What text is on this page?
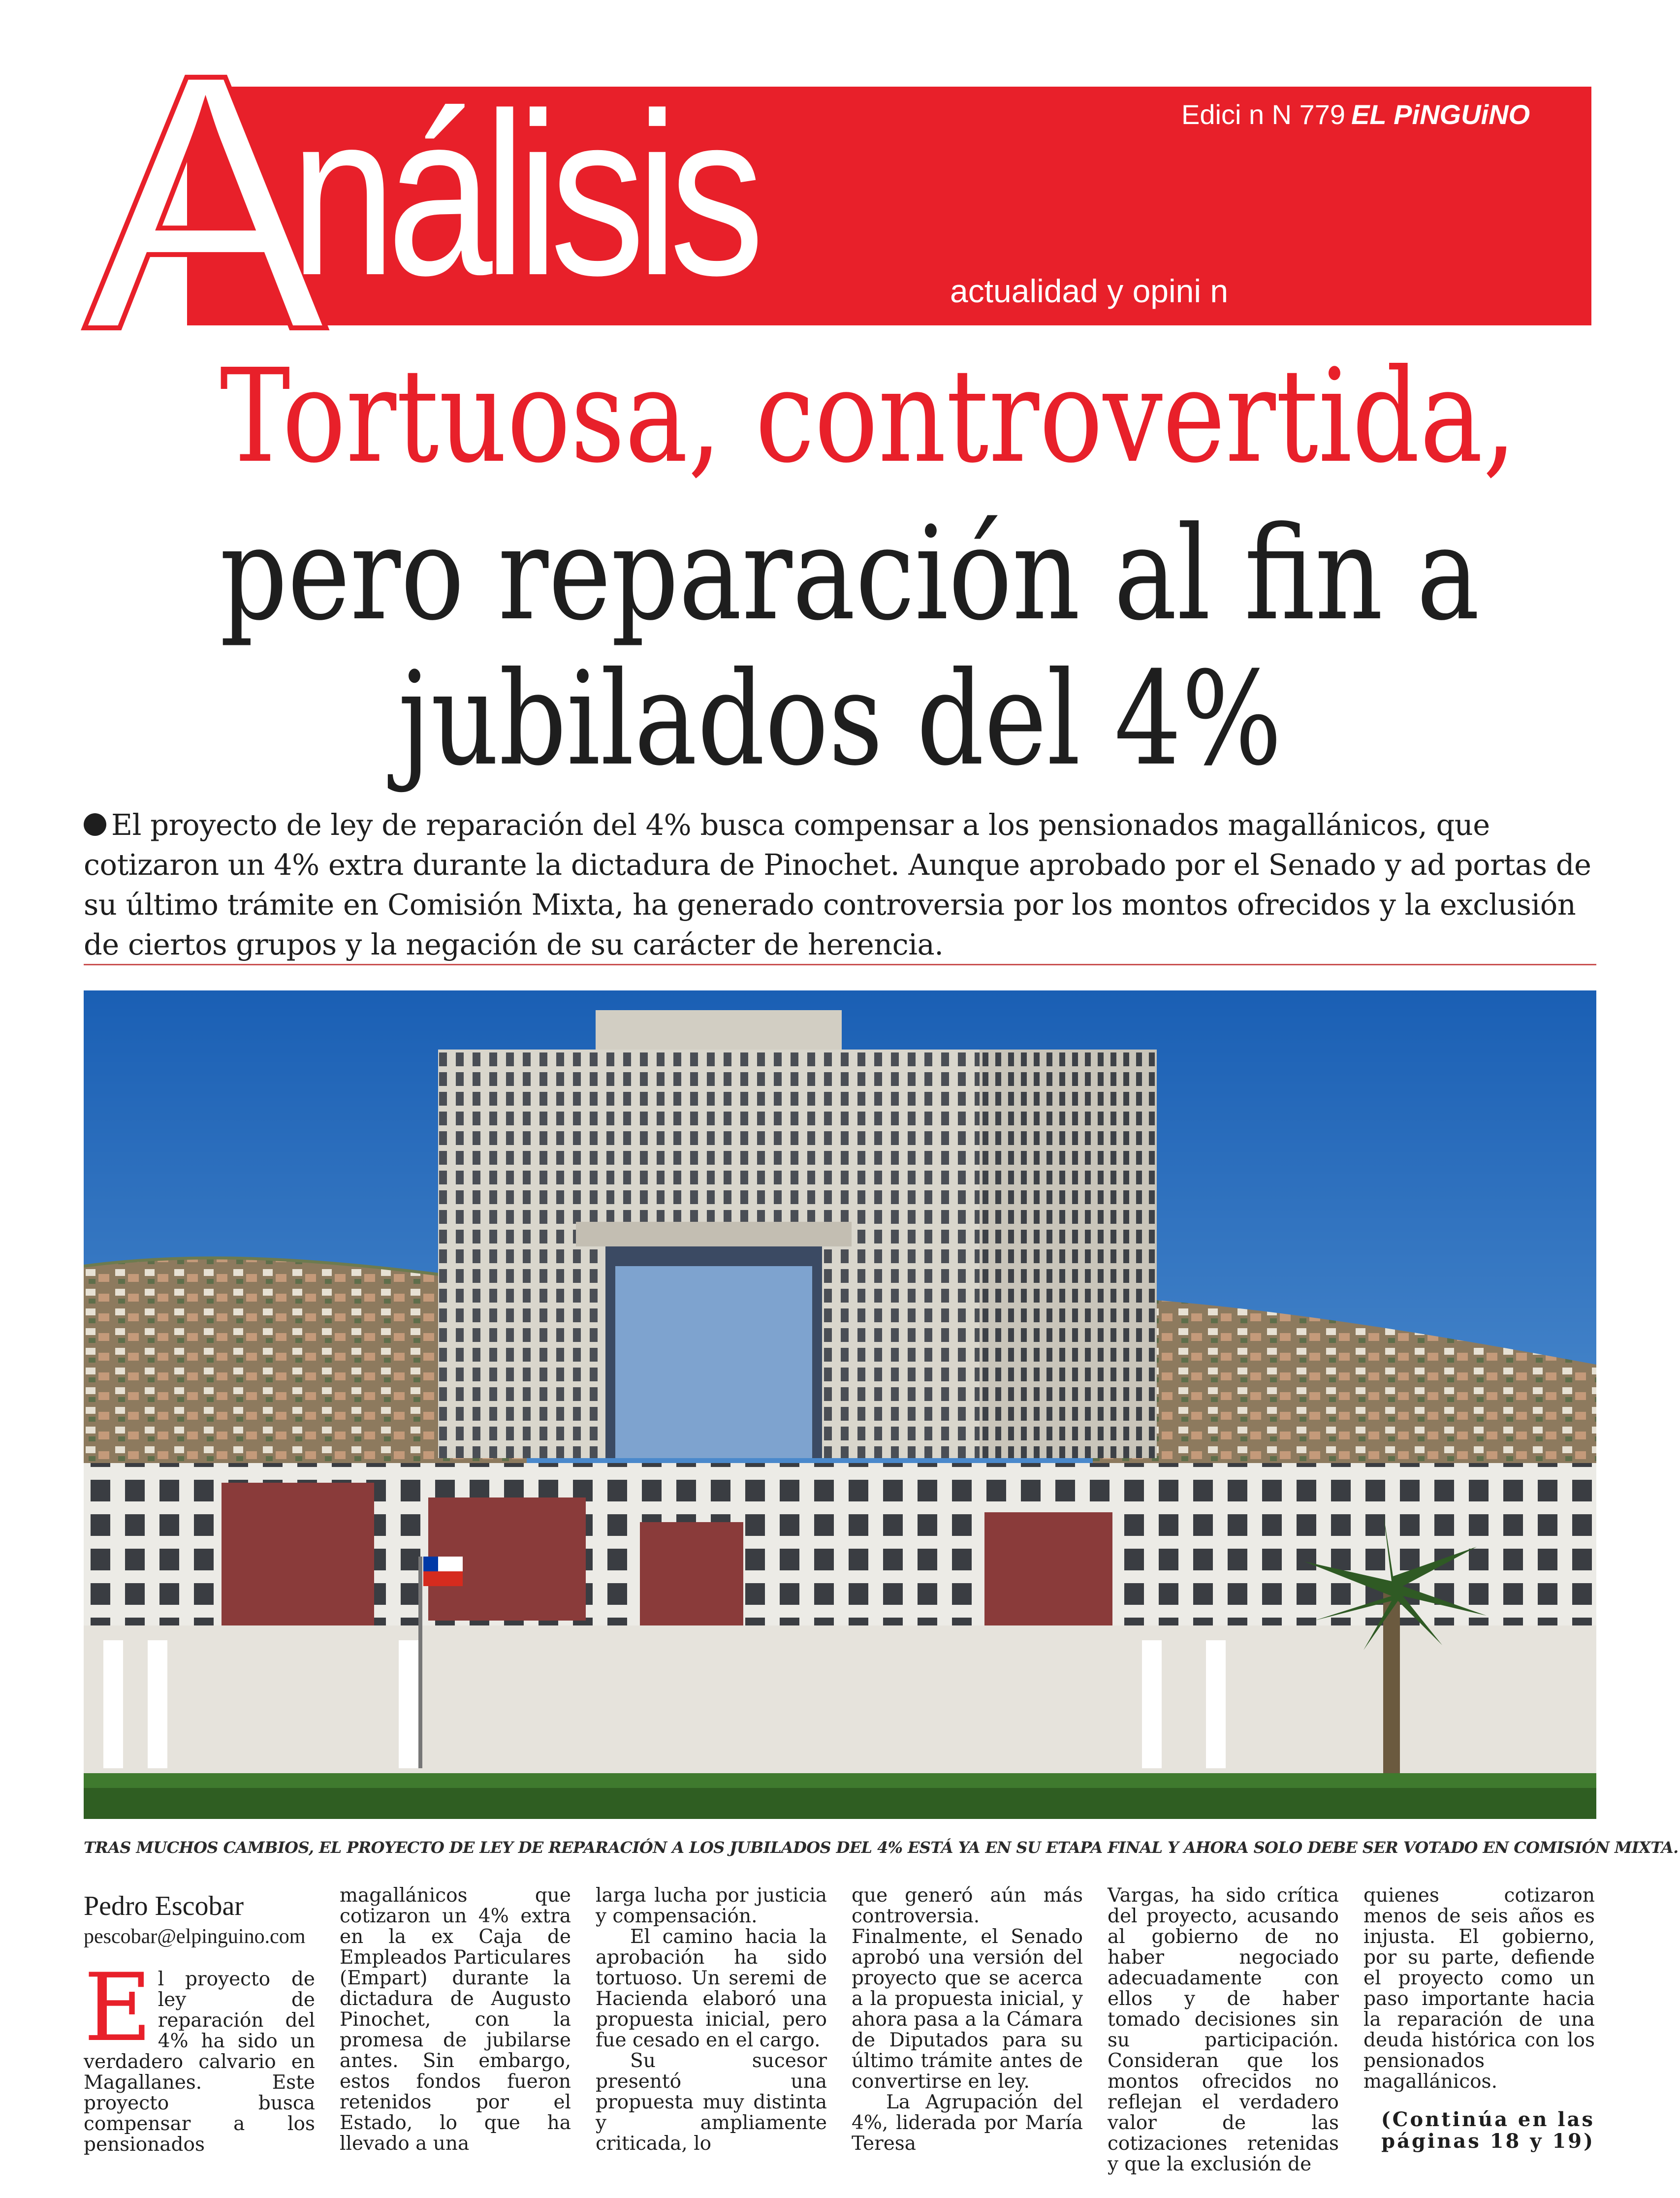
A
nálisis	actualidad y opini n
Edici n N 779 EL PiNGUiNO
Tortuosa, controvertida,
pero reparación al fin a
jubilados del 4%
El proyecto de ley de reparación del 4% busca compensar a los pensionados magallánicos, que cotizaron un 4% extra durante la dictadura de Pinochet. Aunque aprobado por el Senado y ad portas de su último trámite en Comisión Mixta, ha generado controversia por los montos ofrecidos y la exclusión de ciertos grupos y la negación de su carácter de herencia.
TRAS MUCHOS CAMBIOS, EL PROYECTO DE LEY DE REPARACIÓN A LOS JUBILADOS DEL 4% ESTÁ YA EN SU ETAPA FINAL Y AHORA SOLO DEBE SER VOTADO EN COMISIÓN MIXTA.
Pedro Escobar
pescobar@elpinguino.com

El proyecto de ley de reparación del 4% ha sido un verdadero calvario en Magallanes. Este proyecto busca compensar a los pensionados

magallánicos que cotizaron un 4% extra en la ex Caja de Empleados Particulares (Empart) durante la dictadura de Augusto Pinochet, con la promesa de jubilarse antes. Sin embargo, estos fondos fueron retenidos por el Estado, lo que ha llevado a una

larga lucha por justicia y compensación.

El camino hacia la aprobación ha sido tortuoso. Un seremi de Hacienda elaboró una propuesta inicial, pero fue cesado en el cargo.

Su sucesor presentó una propuesta muy distinta y ampliamente criticada, lo

que generó aún más controversia. Finalmente, el Senado aprobó una versión del proyecto que se acerca a la propuesta inicial, y ahora pasa a la Cámara de Diputados para su último trámite antes de convertirse en ley.

La Agrupación del 4%, liderada por María Teresa

Vargas, ha sido crítica del proyecto, acusando al gobierno de no haber negociado adecuadamente con ellos y de haber tomado decisiones sin su participación. Consideran que los montos ofrecidos no reflejan el verdadero valor de las cotizaciones retenidas y que la exclusión de

quienes cotizaron menos de seis años es injusta. El gobierno, por su parte, defiende el proyecto como un paso importante hacia la reparación de una deuda histórica con los pensionados magallánicos.

(Continúa en las páginas 18 y 19)
